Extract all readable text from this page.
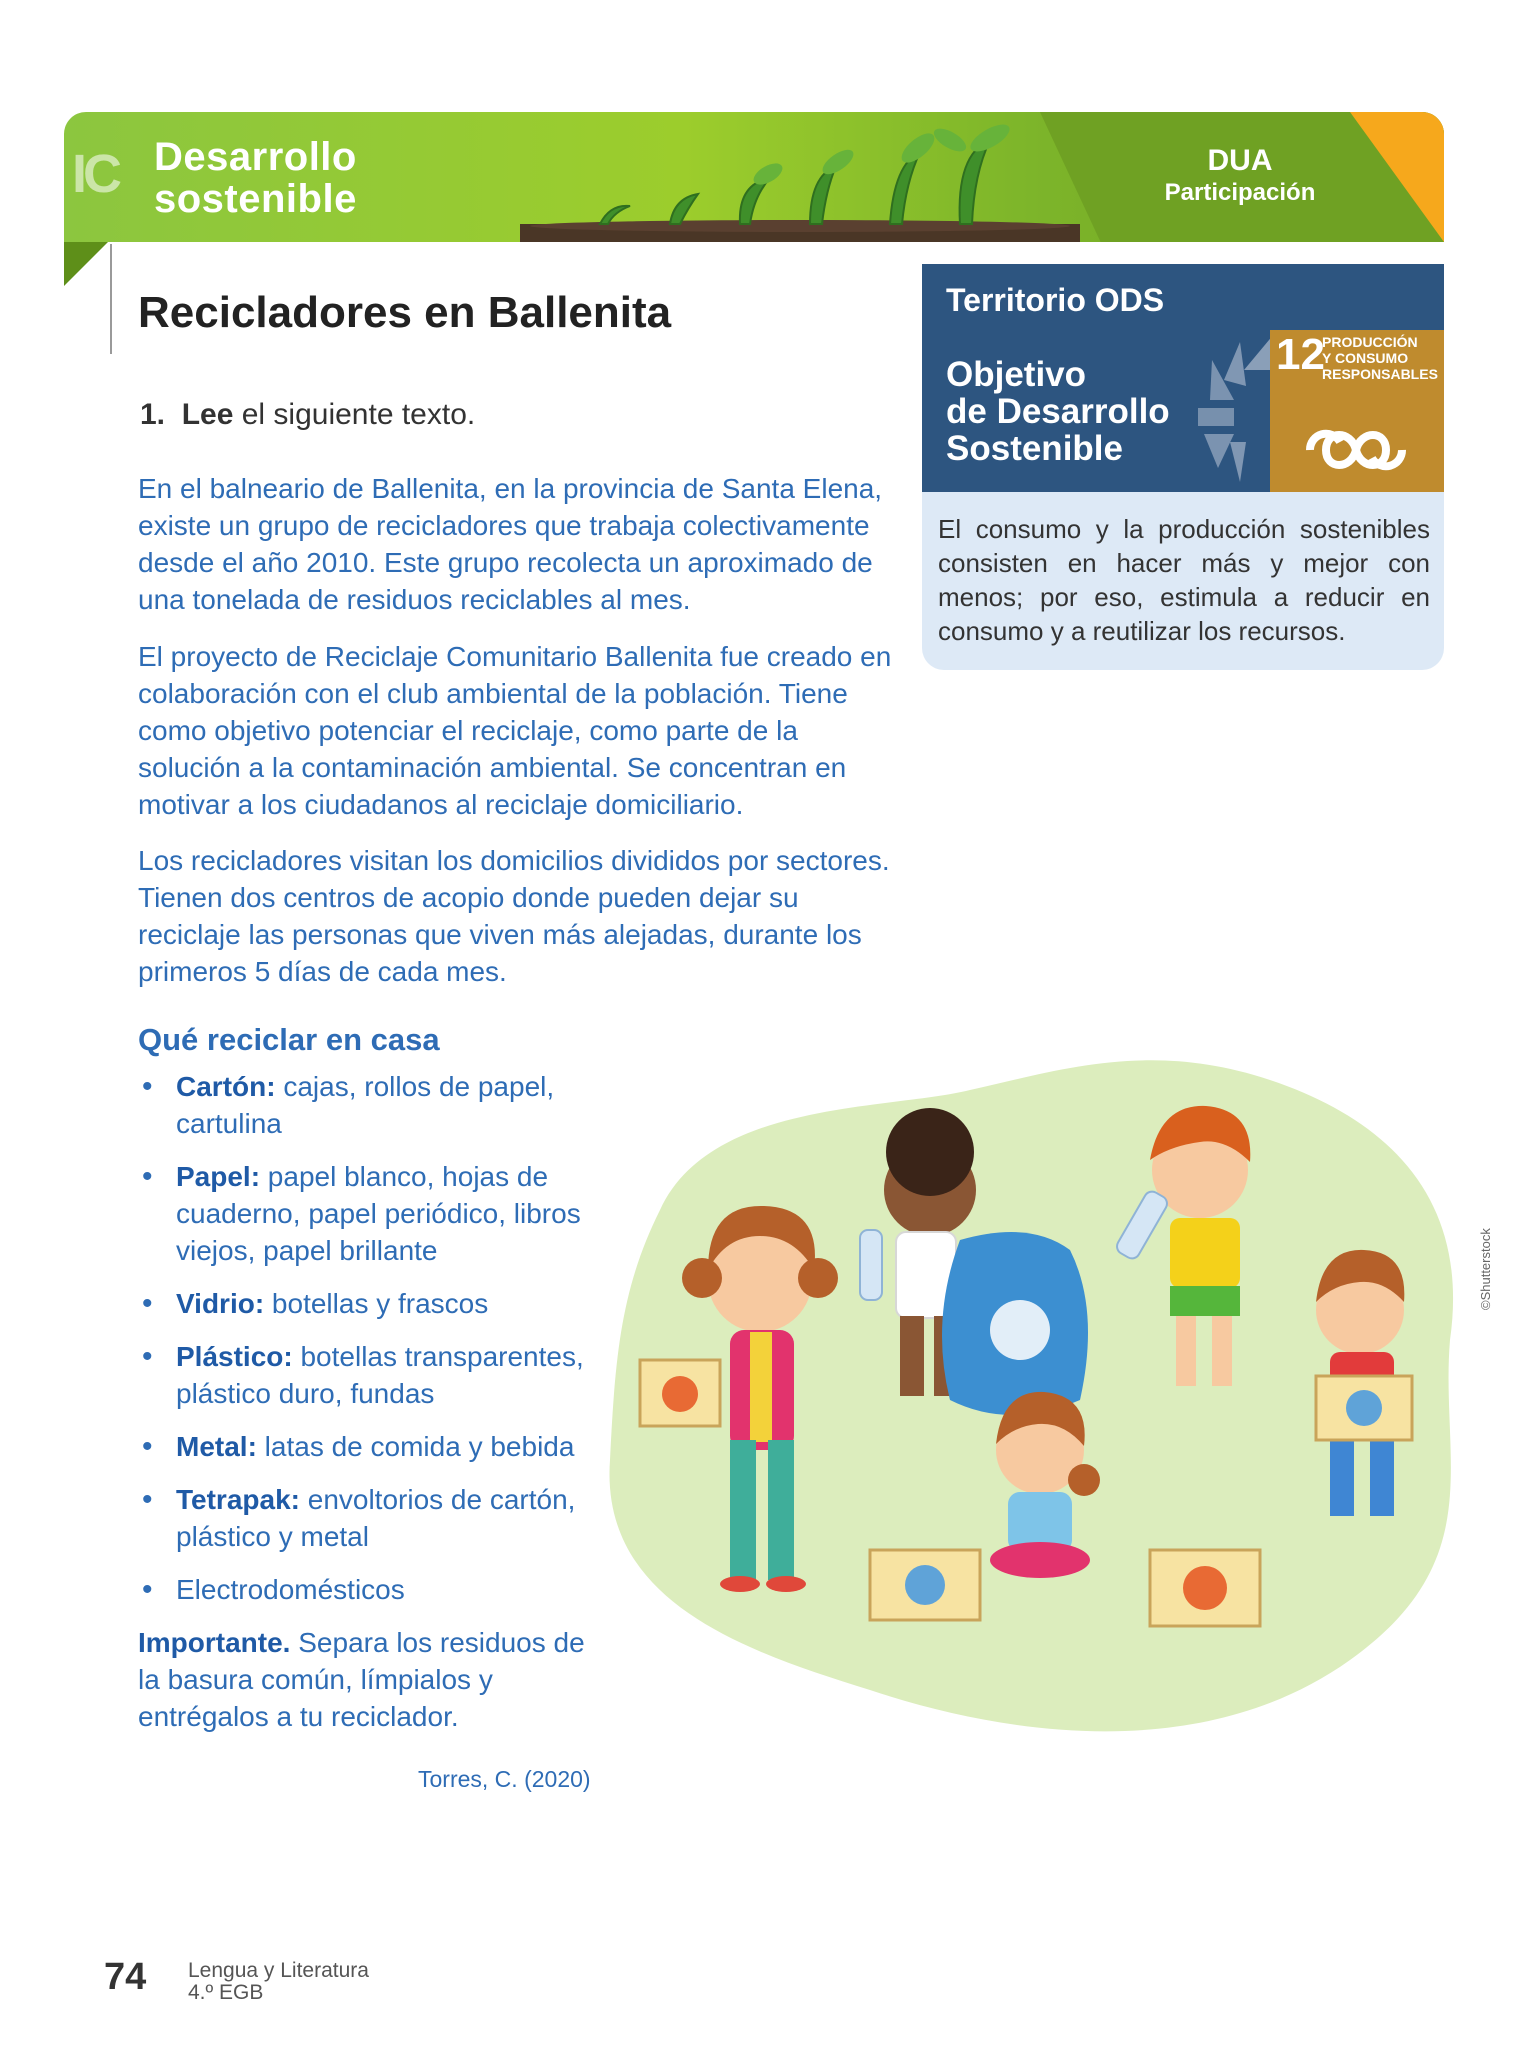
IC Desarrollo
sostenible
DUA
Participación
Recicladores en Ballenita
1. Lee el siguiente texto.
En el balneario de Ballenita, en la provincia de Santa Elena, existe un grupo de recicladores que trabaja colectivamente desde el año 2010. Este grupo recolecta un aproximado de una tonelada de residuos reciclables al mes.
El proyecto de Reciclaje Comunitario Ballenita fue creado en colaboración con el club ambiental de la población. Tiene como objetivo potenciar el reciclaje, como parte de la solución a la contaminación ambiental. Se concentran en motivar a los ciudadanos al reciclaje domiciliario.
Los recicladores visitan los domicilios divididos por sectores. Tienen dos centros de acopio donde pueden dejar su reciclaje las personas que viven más alejadas, durante los primeros 5 días de cada mes.
Territorio ODS
Objetivo
de Desarrollo
Sostenible
12
PRODUCCIÓN
Y CONSUMO
RESPONSABLES
El consumo y la producción sostenibles consisten en hacer más y mejor con menos; por eso, estimula a reducir en consumo y a reutilizar los recursos.
Qué reciclar en casa
• Cartón: cajas, rollos de papel, cartulina
• Papel: papel blanco, hojas de cuaderno, papel periódico, libros viejos, papel brillante
• Vidrio: botellas y frascos
• Plástico: botellas transparentes, plástico duro, fundas
• Metal: latas de comida y bebida
• Tetrapak: envoltorios de cartón, plástico y metal
• Electrodomésticos
Importante. Separa los residuos de la basura común, límpialos y entrégalos a tu reciclador.
Torres, C. (2020)
©Shutterstock
74 Lengua y Literatura
4.º EGB
